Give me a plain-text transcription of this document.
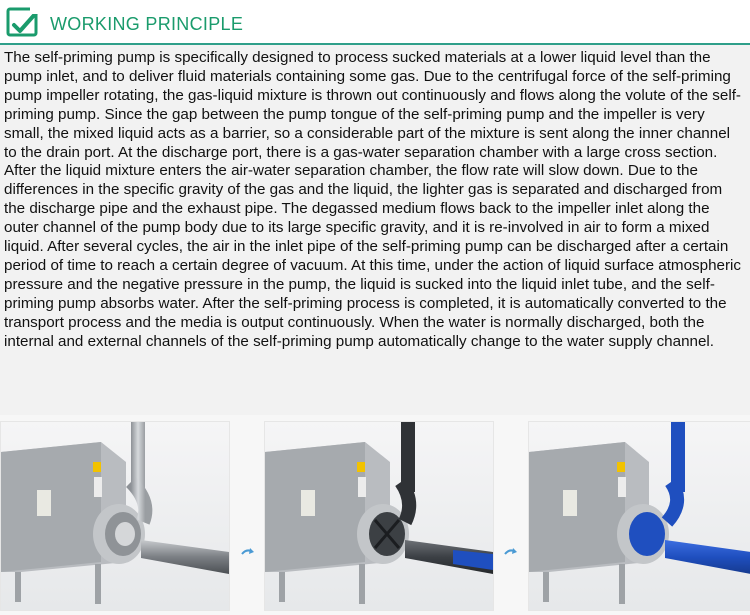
WORKING PRINCIPLE

The self-priming pump is specifically designed to process sucked materials at a lower liquid level than the pump inlet, and to deliver fluid materials containing some gas. Due to the centrifugal force of the self-priming pump impeller rotating, the gas-liquid mixture is thrown out continuously and flows along the volute of the self-priming pump. Since the gap between the pump tongue of the self-priming pump and the impeller is very small, the mixed liquid acts as a barrier, so a considerable part of the mixture is sent along the inner channel to the drain port. At the discharge port, there is a gas-water separation chamber with a large cross section. After the liquid mixture enters the air-water separation chamber, the flow rate will slow down. Due to the differences in the specific gravity of the gas and the liquid, the lighter gas is separated and discharged from the discharge pipe and the exhaust pipe. The degassed medium flows back to the impeller inlet along the outer channel of the pump body due to its large specific gravity, and it is re-involved in air to form a mixed liquid. After several cycles, the air in the inlet pipe of the self-priming pump can be discharged after a certain period of time to reach a certain degree of vacuum. At this time, under the action of liquid surface atmospheric pressure and the negative pressure in the pump, the liquid is sucked into the liquid inlet tube, and the self-priming pump absorbs water. After the self-priming process is completed, it is automatically converted to the transport process and the media is output continuously. When the water is normally discharged, both the internal and external channels of the self-priming pump automatically change to the water supply channel.
